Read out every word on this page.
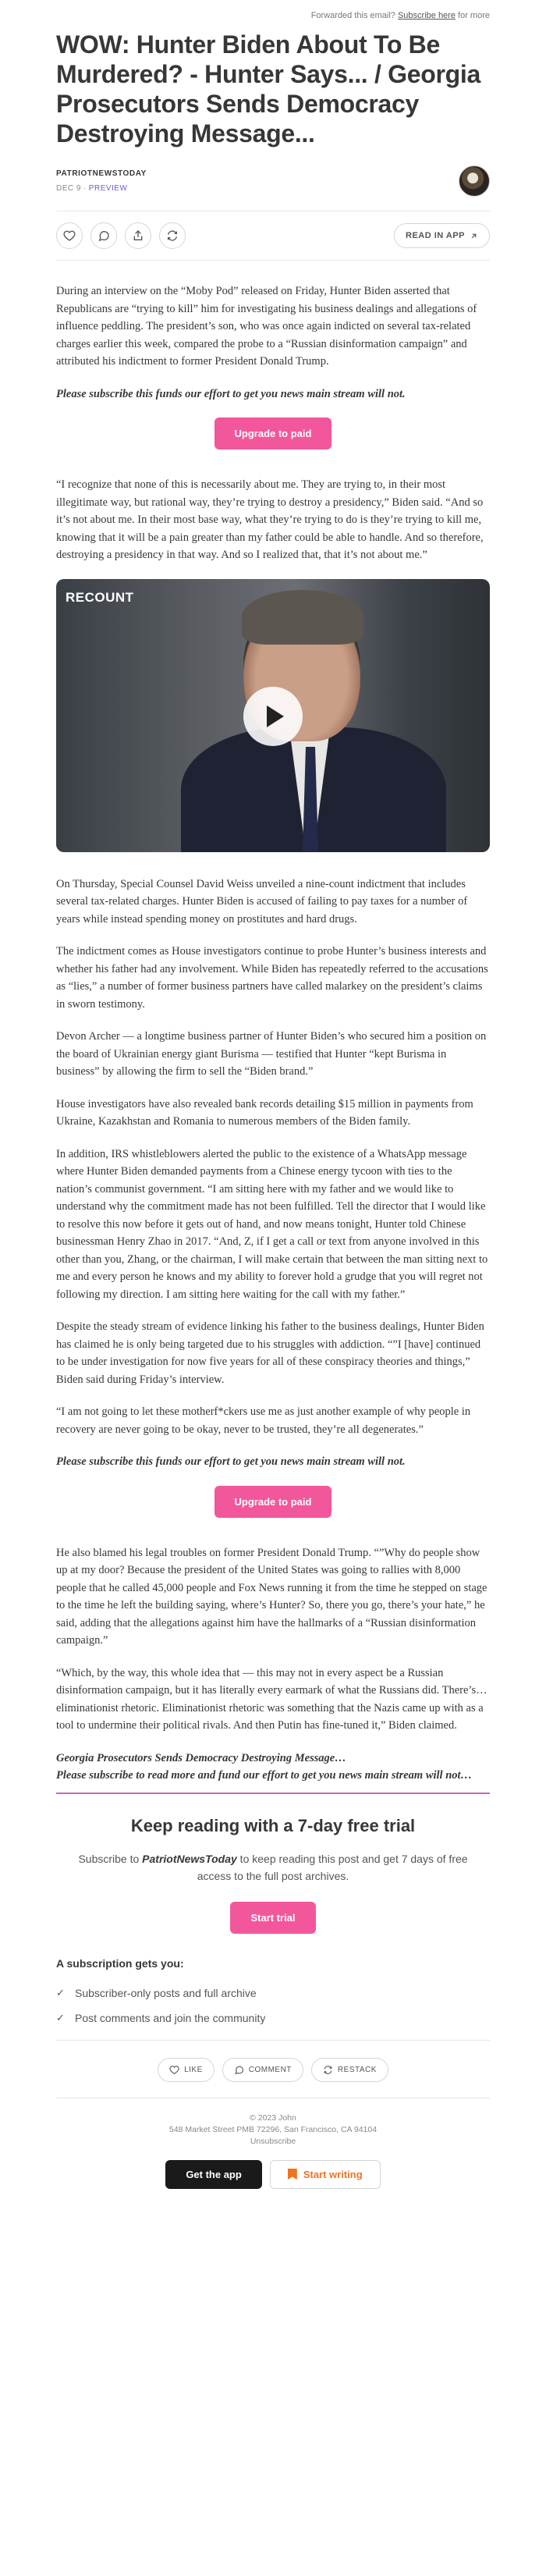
Forwarded this email? Subscribe here for more
WOW: Hunter Biden About To Be Murdered? - Hunter Says... / Georgia Prosecutors Sends Democracy Destroying Message...
PATRIOTNEWSTODAY
DEC 9 ∙ PREVIEW
READ IN APP

During an interview on the “Moby Pod” released on Friday, Hunter Biden asserted that Republicans are “trying to kill” him for investigating his business dealings and allegations of influence peddling. The president’s son, who was once again indicted on several tax-related charges earlier this week, compared the probe to a “Russian disinformation campaign” and attributed his indictment to former President Donald Trump.

Please subscribe this funds our effort to get you news main stream will not.

Upgrade to paid

“I recognize that none of this is necessarily about me. They are trying to, in their most illegitimate way, but rational way, they’re trying to destroy a presidency,” Biden said. “And so it’s not about me. In their most base way, what they’re trying to do is they’re trying to kill me, knowing that it will be a pain greater than my father could be able to handle. And so therefore, destroying a presidency in that way. And so I realized that, that it’s not about me.”

RECOUNT

On Thursday, Special Counsel David Weiss unveiled a nine-count indictment that includes several tax-related charges. Hunter Biden is accused of failing to pay taxes for a number of years while instead spending money on prostitutes and hard drugs.

The indictment comes as House investigators continue to probe Hunter’s business interests and whether his father had any involvement. While Biden has repeatedly referred to the accusations as “lies,” a number of former business partners have called malarkey on the president’s claims in sworn testimony.

Devon Archer — a longtime business partner of Hunter Biden’s who secured him a position on the board of Ukrainian energy giant Burisma — testified that Hunter “kept Burisma in business” by allowing the firm to sell the “Biden brand.”

House investigators have also revealed bank records detailing $15 million in payments from Ukraine, Kazakhstan and Romania to numerous members of the Biden family.

In addition, IRS whistleblowers alerted the public to the existence of a WhatsApp message where Hunter Biden demanded payments from a Chinese energy tycoon with ties to the nation’s communist government. “I am sitting here with my father and we would like to understand why the commitment made has not been fulfilled. Tell the director that I would like to resolve this now before it gets out of hand, and now means tonight, Hunter told Chinese businessman Henry Zhao in 2017. “And, Z, if I get a call or text from anyone involved in this other than you, Zhang, or the chairman, I will make certain that between the man sitting next to me and every person he knows and my ability to forever hold a grudge that you will regret not following my direction. I am sitting here waiting for the call with my father.”

Despite the steady stream of evidence linking his father to the business dealings, Hunter Biden has claimed he is only being targeted due to his struggles with addiction. “”I [have] continued to be under investigation for now five years for all of these conspiracy theories and things,” Biden said during Friday’s interview.

“I am not going to let these motherf*ckers use me as just another example of why people in recovery are never going to be okay, never to be trusted, they’re all degenerates.”

Please subscribe this funds our effort to get you news main stream will not.

Upgrade to paid

He also blamed his legal troubles on former President Donald Trump. “”Why do people show up at my door? Because the president of the United States was going to rallies with 8,000 people that he called 45,000 people and Fox News running it from the time he stepped on stage to the time he left the building saying, where’s Hunter? So, there you go, there’s your hate,” he said, adding that the allegations against him have the hallmarks of a “Russian disinformation campaign.”

“Which, by the way, this whole idea that — this may not in every aspect be a Russian disinformation campaign, but it has literally every earmark of what the Russians did. There’s…eliminationist rhetoric. Eliminationist rhetoric was something that the Nazis came up with as a tool to undermine their political rivals. And then Putin has fine-tuned it,” Biden claimed.

Georgia Prosecutors Sends Democracy Destroying Message…
Please subscribe to read more and fund our effort to get you news main stream will not…

Keep reading with a 7-day free trial
Subscribe to PatriotNewsToday to keep reading this post and get 7 days of free access to the full post archives.
Start trial
A subscription gets you:
✓ Subscriber-only posts and full archive
✓ Post comments and join the community
LIKE	COMMENT	RESTACK
© 2023 John
548 Market Street PMB 72296, San Francisco, CA 94104
Unsubscribe
Get the app	Start writing
